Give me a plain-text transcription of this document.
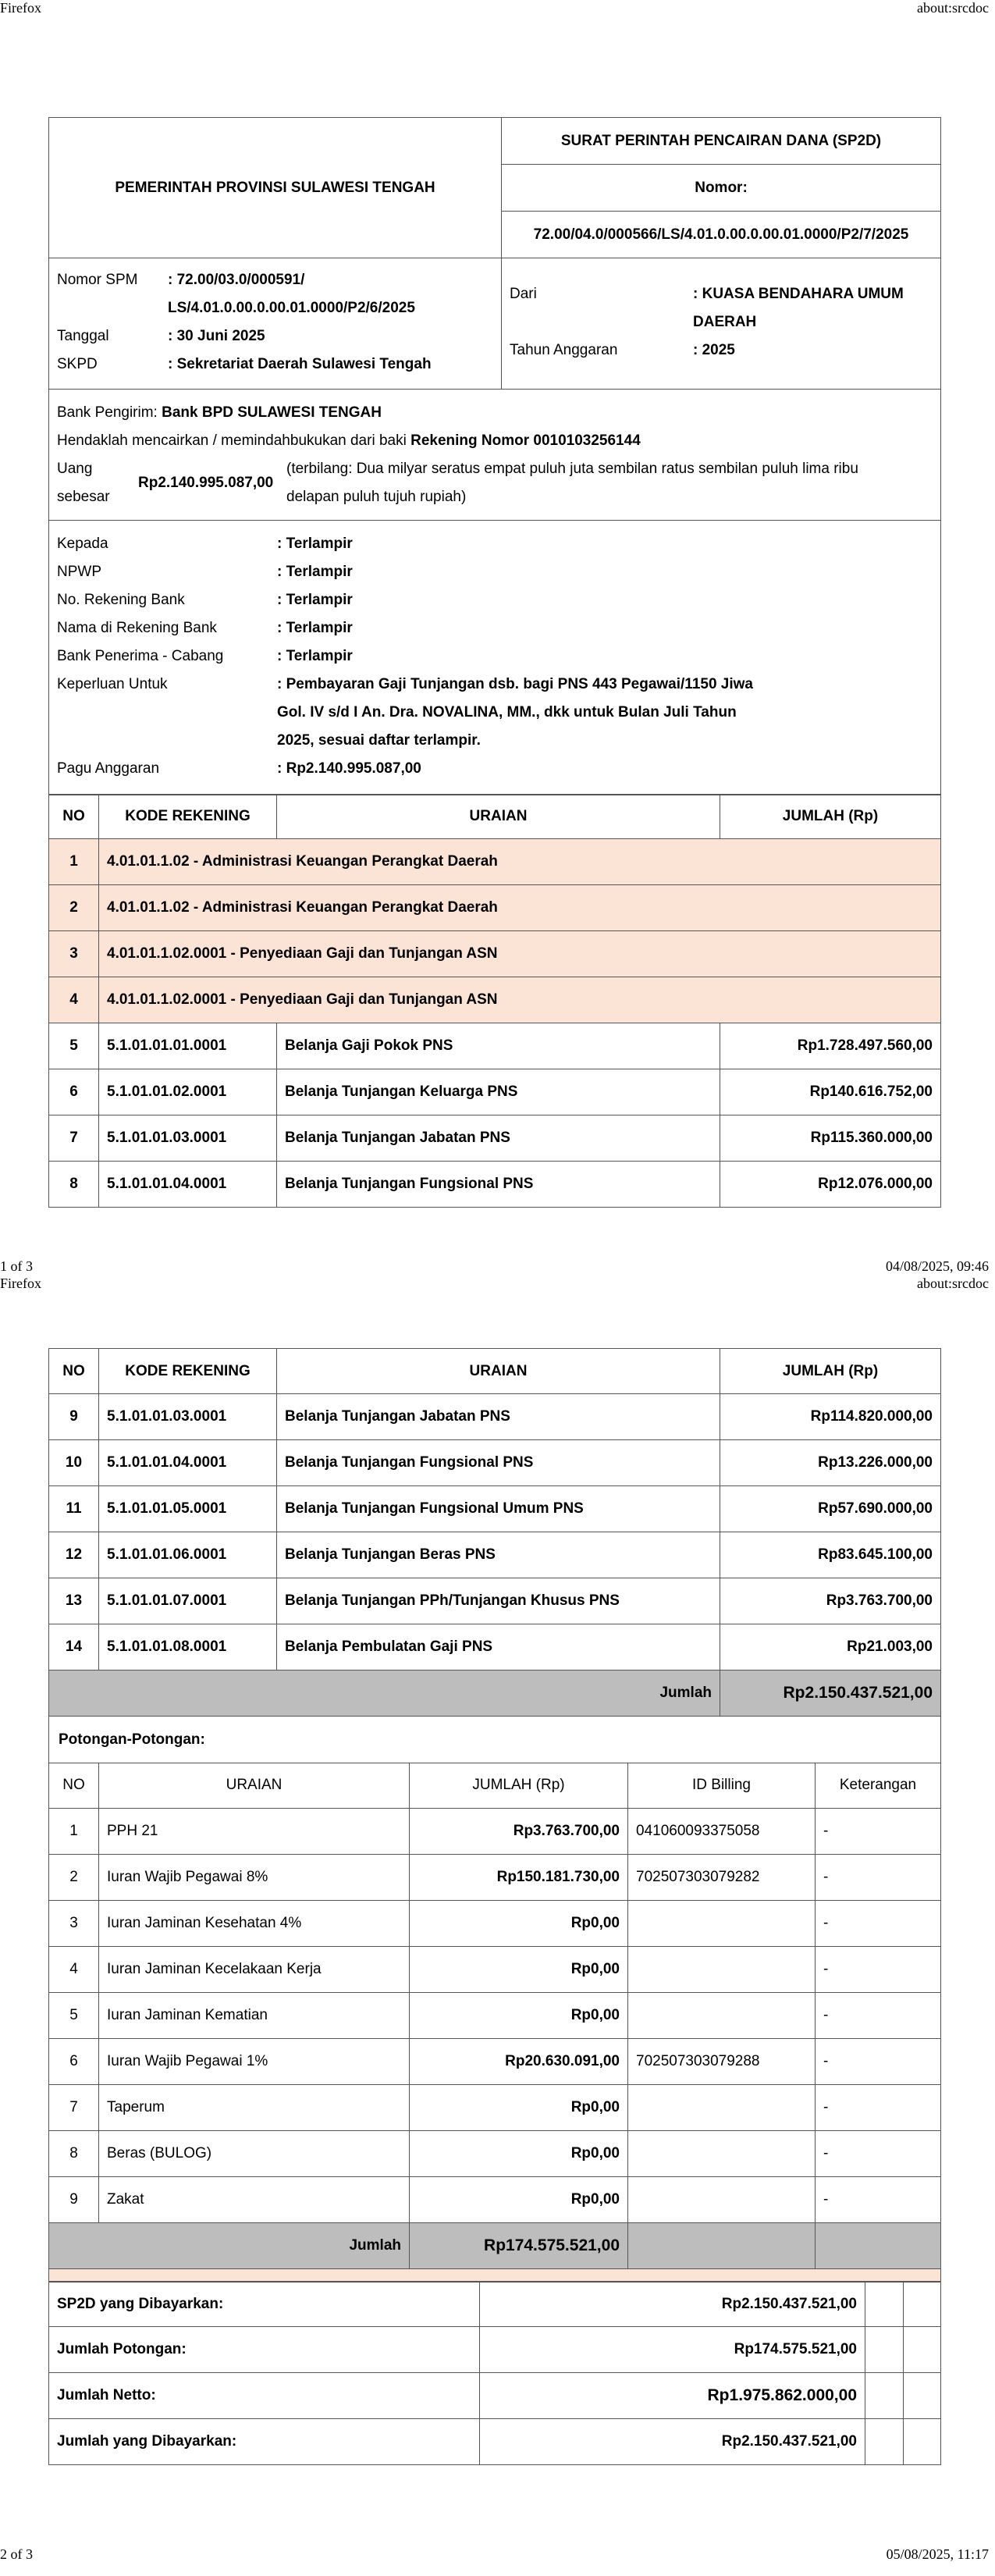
Firefox	about:srcdoc
1 of 3	04/08/2025, 09:46
Firefox	about:srcdoc
2 of 3	05/08/2025, 11:17
PEMERINTAH PROVINSI SULAWESI TENGAH	SURAT PERINTAH PENCAIRAN DANA (SP2D)
Nomor:
72.00/04.0/000566/LS/4.01.0.00.0.00.01.0000/P2/7/2025
Nomor SPM	: 72.00/03.0/000591/
LS/4.01.0.00.0.00.01.0000/P2/6/2025
Tanggal	: 30 Juni 2025
SKPD	: Sekretariat Daerah Sulawesi Tengah

Dari	: KUASA BENDAHARA UMUM
DAERAH
Tahun Anggaran	: 2025
Bank Pengirim: Bank BPD SULAWESI TENGAH
Hendaklah mencairkan / memindahbukukan dari baki Rekening Nomor 0010103256144
Uang
sebesar
Rp2.140.995.087,00
(terbilang: Dua milyar seratus empat puluh juta sembilan ratus sembilan puluh lima ribu
delapan puluh tujuh rupiah)
Kepada	: Terlampir
NPWP	: Terlampir
No. Rekening Bank	: Terlampir
Nama di Rekening Bank	: Terlampir
Bank Penerima - Cabang	: Terlampir
Keperluan Untuk	: Pembayaran Gaji Tunjangan dsb. bagi PNS 443 Pegawai/1150 Jiwa
Gol. IV s/d I An. Dra. NOVALINA, MM., dkk untuk Bulan Juli Tahun
2025, sesuai daftar terlampir.
Pagu Anggaran	: Rp2.140.995.087,00
NO	KODE REKENING	URAIAN	JUMLAH (Rp)
1	4.01.01.1.02 - Administrasi Keuangan Perangkat Daerah		
2	4.01.01.1.02 - Administrasi Keuangan Perangkat Daerah		
3	4.01.01.1.02.0001 - Penyediaan Gaji dan Tunjangan ASN		
4	4.01.01.1.02.0001 - Penyediaan Gaji dan Tunjangan ASN		
5	5.1.01.01.01.0001	Belanja Gaji Pokok PNS	Rp1.728.497.560,00
6	5.1.01.01.02.0001	Belanja Tunjangan Keluarga PNS	Rp140.616.752,00
7	5.1.01.01.03.0001	Belanja Tunjangan Jabatan PNS	Rp115.360.000,00
8	5.1.01.01.04.0001	Belanja Tunjangan Fungsional PNS	Rp12.076.000,00
NO	KODE REKENING	URAIAN	JUMLAH (Rp)
9	5.1.01.01.03.0001	Belanja Tunjangan Jabatan PNS	Rp114.820.000,00
10	5.1.01.01.04.0001	Belanja Tunjangan Fungsional PNS	Rp13.226.000,00
11	5.1.01.01.05.0001	Belanja Tunjangan Fungsional Umum PNS	Rp57.690.000,00
12	5.1.01.01.06.0001	Belanja Tunjangan Beras PNS	Rp83.645.100,00
13	5.1.01.01.07.0001	Belanja Tunjangan PPh/Tunjangan Khusus PNS	Rp3.763.700,00
14	5.1.01.01.08.0001	Belanja Pembulatan Gaji PNS	Rp21.003,00
Jumlah			Rp2.150.437.521,00
Potongan-Potongan:
NO	URAIAN	JUMLAH (Rp)	ID Billing	Keterangan
1	PPH 21	Rp3.763.700,00	041060093375058	-
2	Iuran Wajib Pegawai 8%	Rp150.181.730,00	702507303079282	-
3	Iuran Jaminan Kesehatan 4%	Rp0,00		-
4	Iuran Jaminan Kecelakaan Kerja	Rp0,00		-
5	Iuran Jaminan Kematian	Rp0,00		-
6	Iuran Wajib Pegawai 1%	Rp20.630.091,00	702507303079288	-
7	Taperum	Rp0,00		-
8	Beras (BULOG)	Rp0,00		-
9	Zakat	Rp0,00		-
Jumlah		Rp174.575.521,00		

SP2D yang Dibayarkan:	Rp2.150.437.521,00		
Jumlah Potongan:	Rp174.575.521,00		
Jumlah Netto:	Rp1.975.862.000,00		
Jumlah yang Dibayarkan:	Rp2.150.437.521,00		
